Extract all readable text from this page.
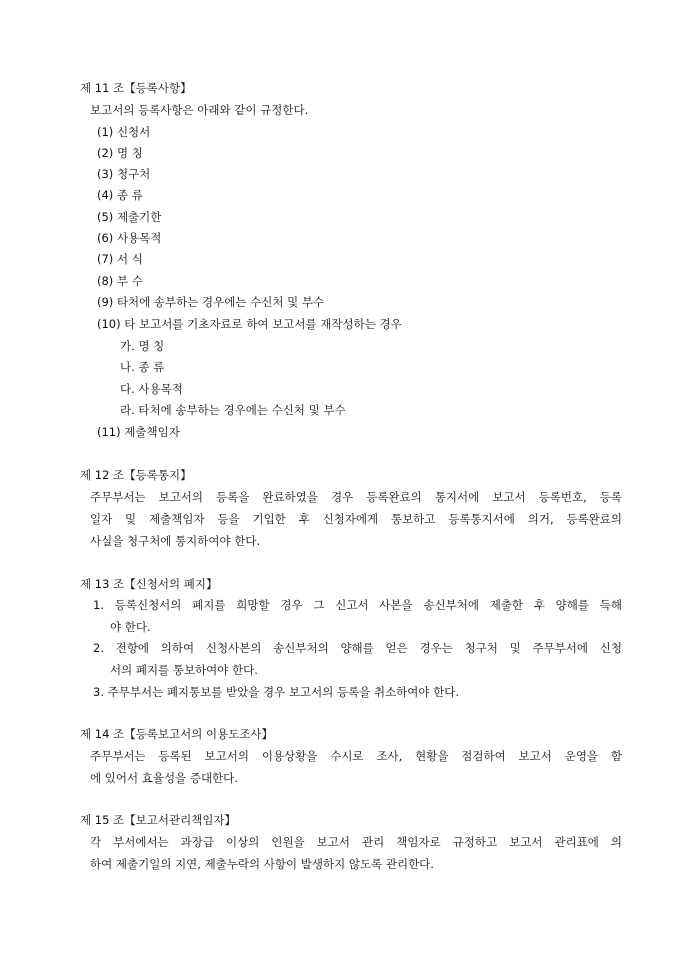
제 11 조【등록사항】
보고서의 등록사항은 아래와 같이 규정한다.
(1) 신청서
(2) 명 칭
(3) 청구처
(4) 종 류
(5) 제출기한
(6) 사용목적
(7) 서 식
(8) 부 수
(9) 타처에 송부하는 경우에는 수신처 및 부수
(10) 타 보고서를 기초자료로 하여 보고서를 재작성하는 경우
가. 명 칭
나. 종 류
다. 사용목적
라. 타처에 송부하는 경우에는 수신처 및 부수
(11) 제출책임자
제 12 조【등록통지】
주무부서는 보고서의 등록을 완료하였을 경우 등록완료의 통지서에 보고서 등록번호, 등록
일자 및 제출책임자 등을 기입한 후 신청자에게 통보하고 등록통지서에 의거, 등록완료의
사실을 청구처에 통지하여야 한다.
제 13 조【신청서의 폐지】
1. 등록신청서의 폐지를 희망할 경우 그 신고서 사본을 송신부처에 제출한 후 양해를 득해
야 한다.
2. 전항에 의하여 신청사본의 송신부처의 양해를 얻은 경우는 청구처 및 주무부서에 신청
서의 폐지를 통보하여야 한다.
3. 주무부서는 폐지통보를 받았을 경우 보고서의 등록을 취소하여야 한다.
제 14 조【등록보고서의 이용도조사】
주무부서는 등록된 보고서의 이용상황을 수시로 조사, 현황을 점검하여 보고서 운영을 함
에 있어서 효율성을 증대한다.
제 15 조【보고서관리책임자】
각 부서에서는 과장급 이상의 인원을 보고서 관리 책임자로 규정하고 보고서 관리표에 의
하여 제출기일의 지연, 제출누락의 사항이 발생하지 않도록 관리한다.
